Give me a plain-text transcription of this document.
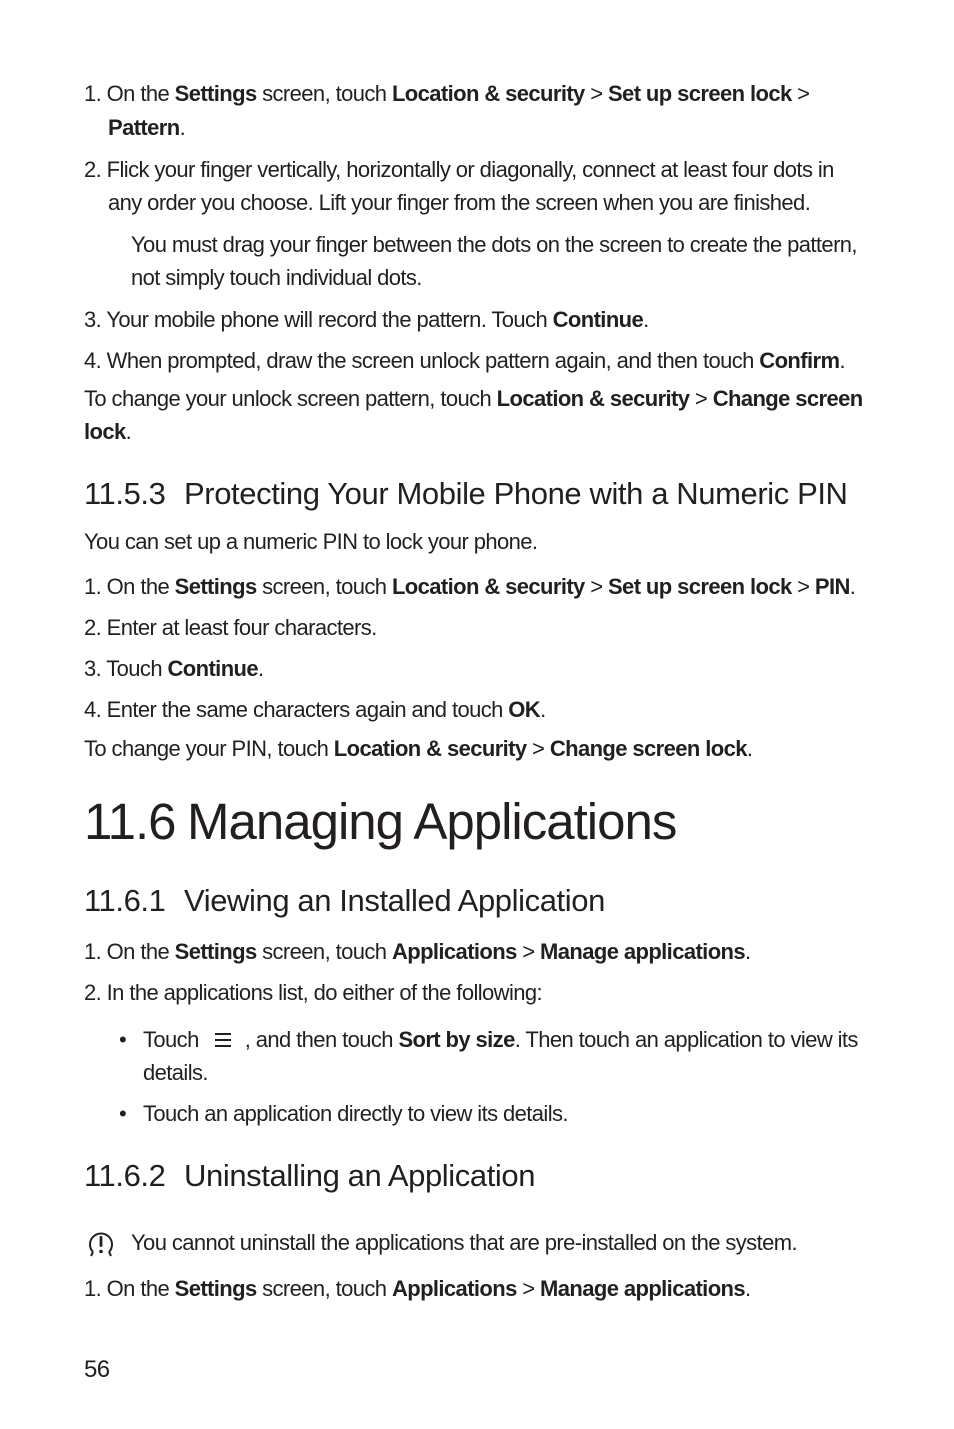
1. On the Settings screen, touch Location & security > Set up screen lock >
Pattern.
2. Flick your finger vertically, horizontally or diagonally, connect at least four dots in
any order you choose. Lift your finger from the screen when you are finished.
You must drag your finger between the dots on the screen to create the pattern,
not simply touch individual dots.
3. Your mobile phone will record the pattern. Touch Continue.
4. When prompted, draw the screen unlock pattern again, and then touch Confirm.
To change your unlock screen pattern, touch Location & security > Change screen
lock.
11.5.3 Protecting Your Mobile Phone with a Numeric PIN
You can set up a numeric PIN to lock your phone.
1. On the Settings screen, touch Location & security > Set up screen lock > PIN.
2. Enter at least four characters.
3. Touch Continue.
4. Enter the same characters again and touch OK.
To change your PIN, touch Location & security > Change screen lock.
11.6 Managing Applications
11.6.1 Viewing an Installed Application
1. On the Settings screen, touch Applications > Manage applications.
2. In the applications list, do either of the following:
• Touch , and then touch Sort by size. Then touch an application to view its
details.
• Touch an application directly to view its details.
11.6.2 Uninstalling an Application
You cannot uninstall the applications that are pre-installed on the system.
1. On the Settings screen, touch Applications > Manage applications.
56
